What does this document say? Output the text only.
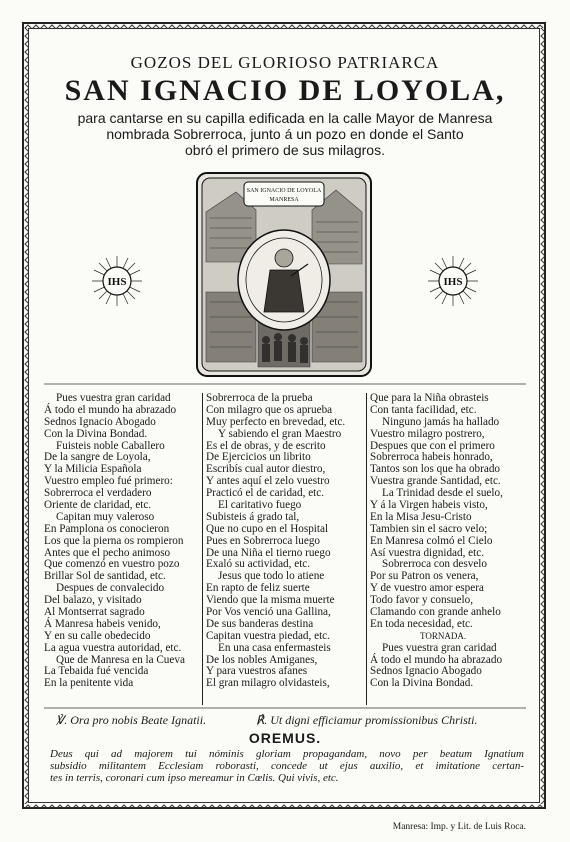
GOZOS DEL GLORIOSO PATRIARCA
SAN IGNACIO DE LOYOLA,
para cantarse en su capilla edificada en la calle Mayor de Manresa
nombrada Sobrerroca, junto á un pozo en donde el Santo
obró el primero de sus milagros.
SAN IGNACIO DE LOYOLA
MANRESA
IHS	IHS
Pues vuestra gran caridad
Á todo el mundo ha abrazado
Sednos Ignacio Abogado
Con la Divina Bondad.
Fuisteis noble Caballero
De la sangre de Loyola,
Y la Milicia Española
Vuestro empleo fué primero:
Sobrerroca el verdadero
Oriente de claridad, etc.
Capitan muy valeroso
En Pamplona os conocieron
Los que la pierna os rompieron
Antes que el pecho animoso
Que comenzó en vuestro pozo
Brillar Sol de santidad, etc.
Despues de convalecido
Del balazo, y visitado
Al Montserrat sagrado
Á Manresa habeis venido,
Y en su calle obedecido
La agua vuestra autoridad, etc.
Que de Manresa en la Cueva
La Tebaida fué vencida
En la penitente vida
Sobrerroca de la prueba
Con milagro que os aprueba
Muy perfecto en brevedad, etc.
Y sabiendo el gran Maestro
Es el de obras, y de escrito
De Ejercicios un librito
Escribís cual autor diestro,
Y antes aquí el zelo vuestro
Practicó el de caridad, etc.
El caritativo fuego
Subisteis á grado tal,
Que no cupo en el Hospital
Pues en Sobrerroca luego
De una Niña el tierno ruego
Exaló su actividad, etc.
Jesus que todo lo atiene
En rapto de feliz suerte
Viendo que la misma muerte
Por Vos venció una Gallina,
De sus banderas destina
Capitan vuestra piedad, etc.
En una casa enfermasteis
De los nobles Amiganes,
Y para vuestros afanes
El gran milagro olvidasteis,
Que para la Niña obrasteis
Con tanta facilidad, etc.
Ninguno jamás ha hallado
Vuestro milagro postrero,
Despues que con el primero
Sobrerroca habeis honrado,
Tantos son los que ha obrado
Vuestra grande Santidad, etc.
La Trinidad desde el suelo,
Y á la Virgen habeis visto,
En la Misa Jesu-Cristo
Tambien sin el sacro velo;
En Manresa colmó el Cielo
Así vuestra dignidad, etc.
Sobrerroca con desvelo
Por su Patron os venera,
Y de vuestro amor espera
Todo favor y consuelo,
Clamando con grande anhelo
En toda necesidad, etc.
TORNADA.
Pues vuestra gran caridad
Á todo el mundo ha abrazado
Sednos Ignacio Abogado
Con la Divina Bondad.
℣. Ora pro nobis Beate Ignatii.	℟. Ut digni efficiamur promissionibus Christi.
OREMUS.
Deus qui ad majorem tui nóminis gloriam propagandam, novo per beatum Ignatium
subsidio militantem Ecclesiam roborasti, concede ut ejus auxilio, et imitatione certan-
tes in terris, coronari cum ipso mereamur in Cœlis. Qui vivis, etc.
Manresa: Imp. y Lit. de Luis Roca.
